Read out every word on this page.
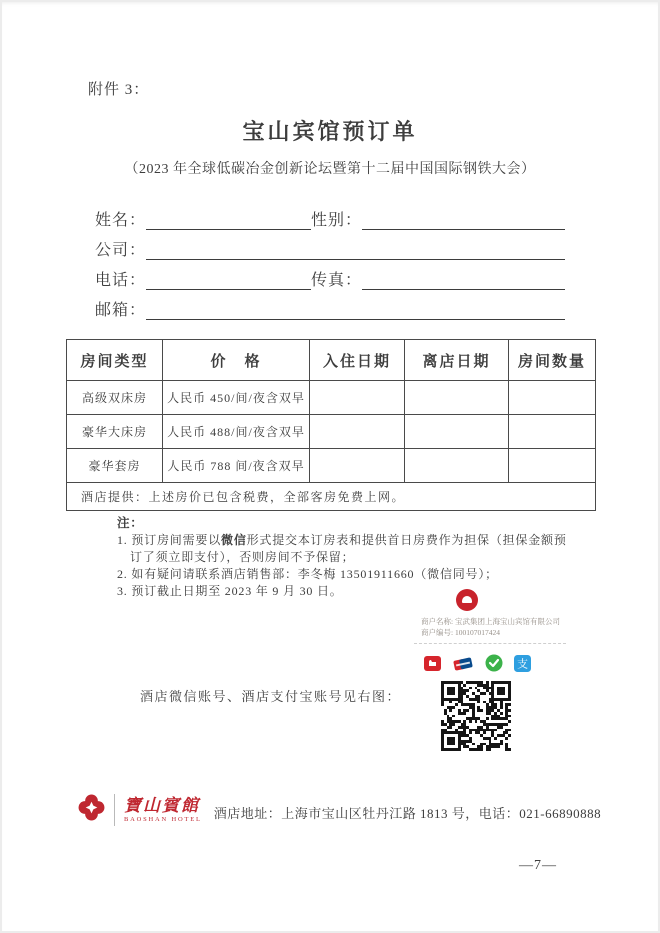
附件 3：
宝山宾馆预订单
（2023 年全球低碳冶金创新论坛暨第十二届中国国际钢铁大会）
姓名：	性别：
公司：
电话：	传真：
邮箱：
房间类型	价　格	入住日期	离店日期	房间数量
高级双床房	人民币 450/间/夜含双早			
豪华大床房	人民币 488/间/夜含双早			
豪华套房	人民币 788 间/夜含双早			
酒店提供：上述房价已包含税费，全部客房免费上网。				
注：
1. 预订房间需要以微信形式提交本订房表和提供首日房费作为担保（担保金额预订了须立即支付），否则房间不予保留；
2. 如有疑问请联系酒店销售部：李冬梅 13501911660（微信同号）；
3. 预订截止日期至 2023 年 9 月 30 日。
商户名称: 宝武集团上海宝山宾馆有限公司
商户编号: 100107017424
支
酒店微信账号、酒店支付宝账号见右图：
寶山賓館
BAOSHAN HOTEL 酒店地址：上海市宝山区牡丹江路 1813 号，电话：021-66890888
—7—
